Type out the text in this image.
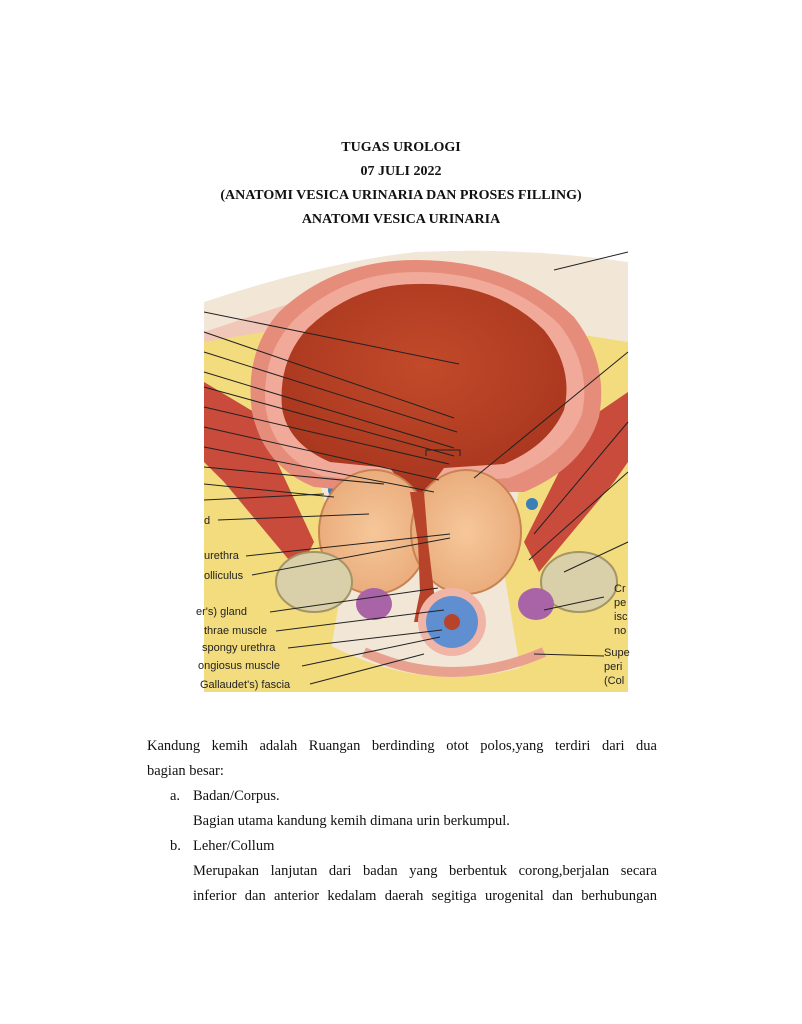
TUGAS UROLOGI
07 JULI 2022
(ANATOMI VESICA URINARIA DAN PROSES FILLING)
ANATOMI VESICA URINARIA
d
urethra
olliculus
er's) gland
thrae muscle
spongy urethra
ongiosus muscle
Gallaudet's) fascia
Cr
pe
isc
no
Supe
peri
(Col

Kandung kemih adalah Ruangan berdinding otot polos,yang terdiri dari dua

bagian besar:

a. Badan/Corpus.

Bagian utama kandung kemih dimana urin berkumpul.

b. Leher/Collum

Merupakan lanjutan dari badan yang berbentuk corong,berjalan secara

inferior dan anterior kedalam daerah segitiga urogenital dan berhubungan
